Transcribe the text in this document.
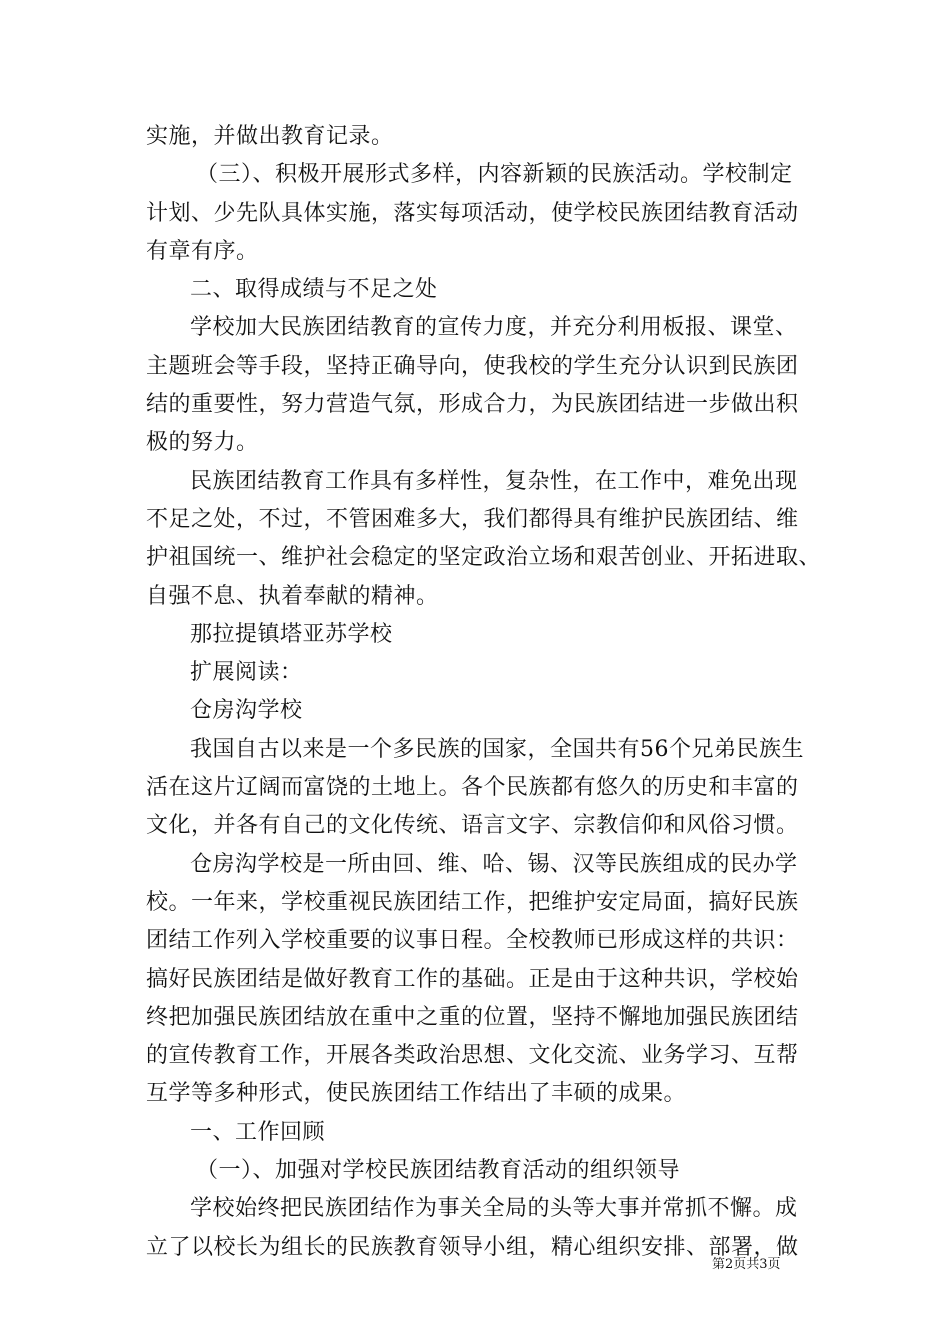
实施，并做出教育记录。
（三）、积极开展形式多样，内容新颖的民族活动。学校制定
计划、少先队具体实施，落实每项活动，使学校民族团结教育活动
有章有序。
二、取得成绩与不足之处
学校加大民族团结教育的宣传力度，并充分利用板报、课堂、
主题班会等手段，坚持正确导向，使我校的学生充分认识到民族团
结的重要性，努力营造气氛，形成合力，为民族团结进一步做出积
极的努力。
民族团结教育工作具有多样性，复杂性，在工作中，难免出现
不足之处，不过，不管困难多大，我们都得具有维护民族团结、维
护祖国统一、维护社会稳定的坚定政治立场和艰苦创业、开拓进取、
自强不息、执着奉献的精神。
那拉提镇塔亚苏学校
扩展阅读：
仓房沟学校
我国自古以来是一个多民族的国家，全国共有56个兄弟民族生
活在这片辽阔而富饶的土地上。各个民族都有悠久的历史和丰富的
文化，并各有自己的文化传统、语言文字、宗教信仰和风俗习惯。
仓房沟学校是一所由回、维、哈、锡、汉等民族组成的民办学
校。一年来，学校重视民族团结工作，把维护安定局面，搞好民族
团结工作列入学校重要的议事日程。全校教师已形成这样的共识：
搞好民族团结是做好教育工作的基础。正是由于这种共识，学校始
终把加强民族团结放在重中之重的位置，坚持不懈地加强民族团结
的宣传教育工作，开展各类政治思想、文化交流、业务学习、互帮
互学等多种形式，使民族团结工作结出了丰硕的成果。
一、工作回顾
（一）、加强对学校民族团结教育活动的组织领导
学校始终把民族团结作为事关全局的头等大事并常抓不懈。成
立了以校长为组长的民族教育领导小组，精心组织安排、部署，做
第2页共3页
